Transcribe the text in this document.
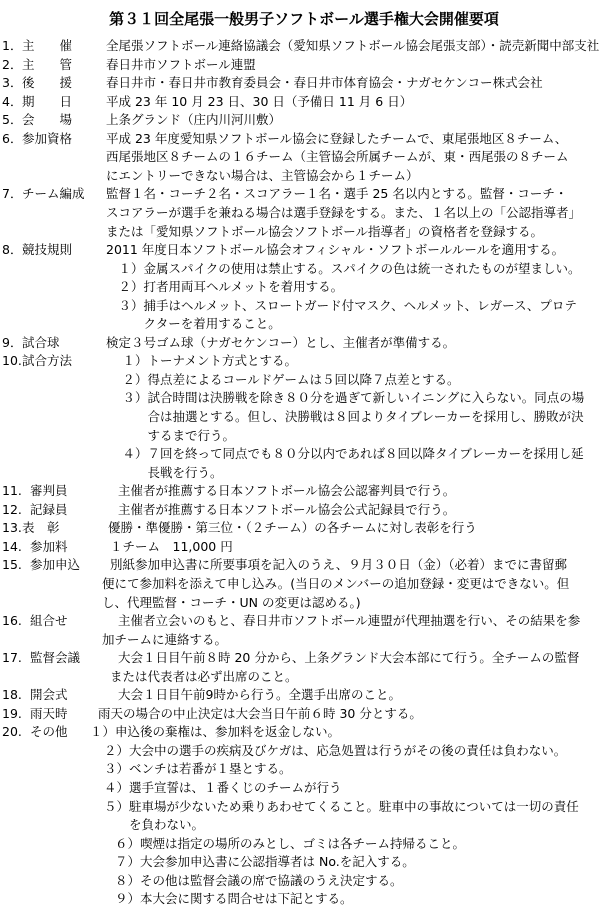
第３１回全尾張一般男子ソフトボール選手権大会開催要項
1． 主　　催	全尾張ソフトボール連絡協議会（愛知県ソフトボール協会尾張支部）・読売新聞中部支社
2． 主　　管	春日井市ソフトボール連盟
3． 後　　援	春日井市・春日井市教育委員会・春日井市体育協会・ナガセケンコー株式会社
4． 期　　日	平成 23 年 10 月 23 日、30 日（予備日 11 月 6 日）
5． 会　　場	上条グランド（庄内川河川敷）
6． 参加資格	平成 23 年度愛知県ソフトボール協会に登録したチームで、東尾張地区８チーム、
西尾張地区８チームの１６チーム（主管協会所属チームが、東・西尾張の８チーム
にエントリーできない場合は、主管協会から１チーム）
7． チーム編成 監督１名・コーチ２名・スコアラー１名・選手 25 名以内とする。監督・コーチ・
スコアラーが選手を兼ねる場合は選手登録をする。また、１名以上の「公認指導者」
または「愛知県ソフトボール協会ソフトボール指導者」の資格者を登録する。
8． 競技規則	2011 年度日本ソフトボール協会オフィシャル・ソフトボールルールを適用する。
　１）金属スパイクの使用は禁止する。スパイクの色は統一されたものが望ましい。
　２）打者用両耳ヘルメットを着用する。
　３）捕手はヘルメット、スロートガード付マスク、ヘルメット、レガース、プロテ
　　　クターを着用すること。
9． 試合球	検定３号ゴム球（ナガセケンコー）とし、主催者が準備する。
10. 試合方法	　１）トーナメント方式とする。
　２）得点差によるコールドゲームは５回以降７点差とする。
　３）試合時間は決勝戦を除き８０分を過ぎて新しいイニングに入らない。同点の場
　　　合は抽選とする。但し、決勝戦は８回よりタイブレーカーを採用し、勝敗が決
　　　するまで行う。
　４）７回を終って同点でも８０分以内であれば８回以降タイブレーカーを採用し延
　　　長戦を行う。
11. 審判員	主催者が推薦する日本ソフトボール協会公認審判員で行う。
12. 記録員	主催者が推薦する日本ソフトボール協会公式記録員で行う。
13. 表　彰	優勝・準優勝・第三位・（２チーム）の各チームに対し表彰を行う
14. 参加料	１チーム　11,000 円
15. 参加申込 別紙参加申込書に所要事項を記入のうえ、９月３０日（金）（必着）までに書留郵
便にて参加料を添えて申し込み。(当日のメンバーの追加登録・変更はできない。但
し、代理監督・コーチ・UN の変更は認める。)
16. 組合せ	主催者立会いのもと、春日井市ソフトボール連盟が代理抽選を行い、その結果を参
加チームに連絡する。
17. 監督会議	大会１日目午前８時 20 分から、上条グランド大会本部にて行う。全チームの監督
または代表者は必ず出席のこと。
18. 開会式	大会１日目午前9時から行う。全選手出席のこと。
19. 雨天時 雨天の場合の中止決定は大会当日午前６時 30 分とする。
20. その他 １）申込後の棄権は、参加料を返金しない。
２）大会中の選手の疾病及びケガは、応急処置は行うがその後の責任は負わない。
３）ベンチは若番が１塁とする。
４）選手宣誓は、１番くじのチームが行う
５）駐車場が少ないため乗りあわせてくること。駐車中の事故については一切の責任
　　を負わない。
６）喫煙は指定の場所のみとし、ゴミは各チーム持帰ること。
７）大会参加申込書に公認指導者は No.を記入する。
８）その他は監督会議の席で協議のうえ決定する。
９）本大会に関する問合せは下記とする。
